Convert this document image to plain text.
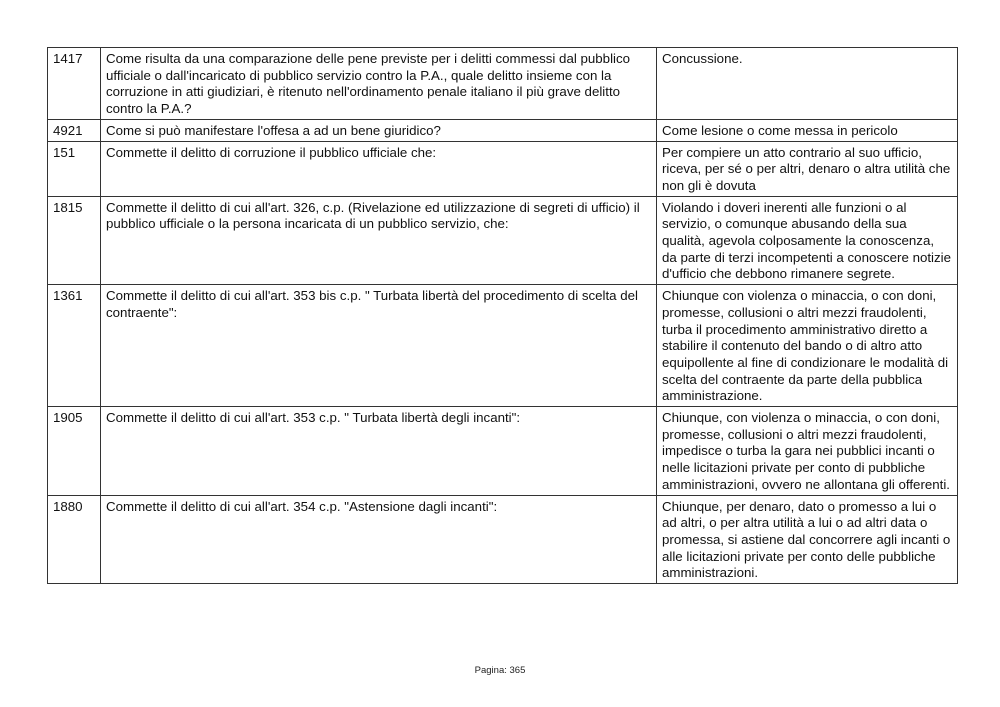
1417	Come risulta da una comparazione delle pene previste per i delitti commessi dal pubblico ufficiale o dall'incaricato di pubblico servizio contro la P.A., quale delitto insieme con la corruzione in atti giudiziari, è ritenuto nell'ordinamento penale italiano il più grave delitto contro la P.A.?	Concussione.
4921	Come si può manifestare l'offesa a ad un bene giuridico?	Come lesione o come messa in pericolo
151	Commette il delitto di corruzione il pubblico ufficiale che:	Per compiere un atto contrario al suo ufficio, riceva, per sé o per altri, denaro o altra utilità che non gli è dovuta
1815	Commette il delitto di cui all'art. 326, c.p. (Rivelazione ed utilizzazione di segreti di ufficio) il pubblico ufficiale o la persona incaricata di un pubblico servizio, che:	Violando i doveri inerenti alle funzioni o al servizio, o comunque abusando della sua qualità, agevola colposamente la conoscenza, da parte di terzi incompetenti a conoscere notizie d'ufficio che debbono rimanere segrete.
1361	Commette il delitto di cui all'art. 353 bis c.p. " Turbata libertà del procedimento di scelta del contraente":	Chiunque con violenza o minaccia, o con doni, promesse, collusioni o altri mezzi fraudolenti, turba il procedimento amministrativo diretto a stabilire il contenuto del bando o di altro atto equipollente al fine di condizionare le modalità di scelta del contraente da parte della pubblica amministrazione.
1905	Commette il delitto di cui all'art. 353 c.p. " Turbata libertà degli incanti":	Chiunque, con violenza o minaccia, o con doni, promesse, collusioni o altri mezzi fraudolenti, impedisce o turba la gara nei pubblici incanti o nelle licitazioni private per conto di pubbliche amministrazioni, ovvero ne allontana gli offerenti.
1880	Commette il delitto di cui all'art. 354 c.p. "Astensione dagli incanti":	Chiunque, per denaro, dato o promesso a lui o ad altri, o per altra utilità a lui o ad altri data o promessa, si astiene dal concorrere agli incanti o alle licitazioni private per conto delle pubbliche amministrazioni.
Pagina: 365
